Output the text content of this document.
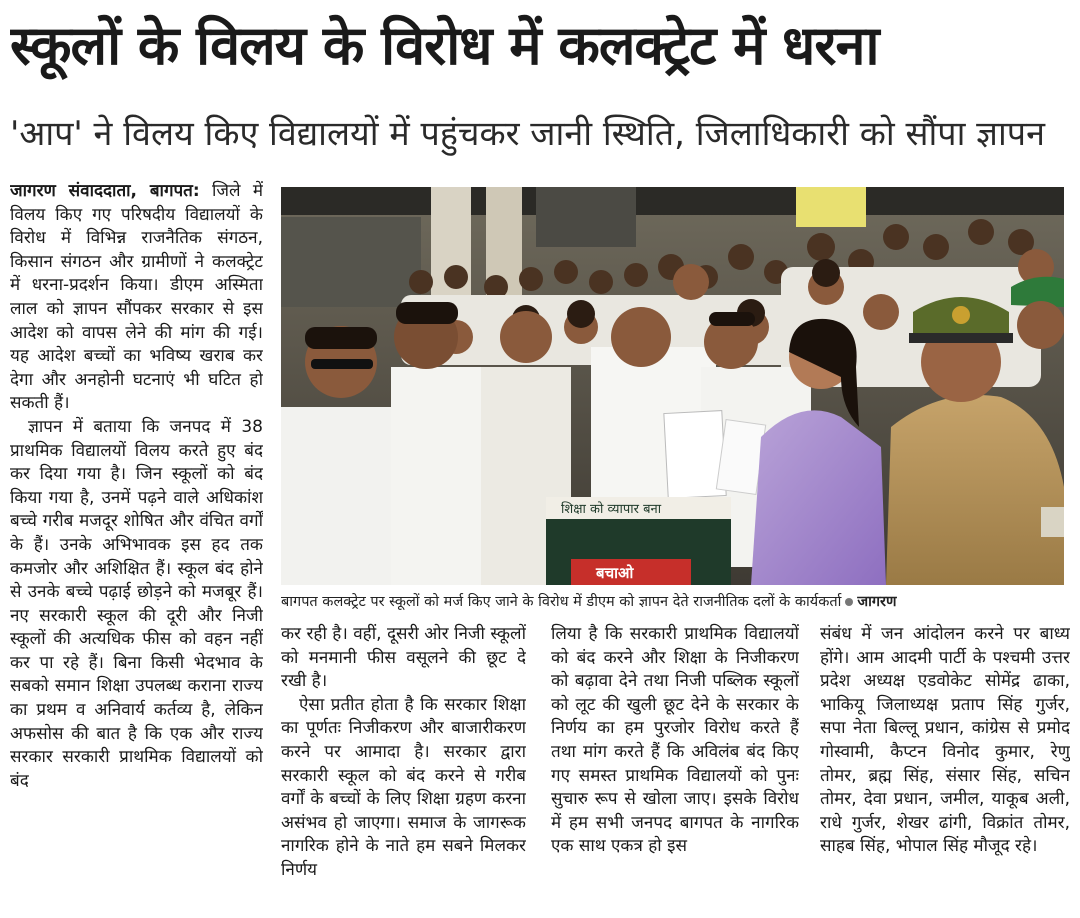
स्कूलों के विलय के विरोध में कलक्ट्रेट में धरना
'आप' ने विलय किए विद्यालयों में पहुंचकर जानी स्थिति, जिलाधिकारी को सौंपा ज्ञापन

जागरण संवाददाता, बागपत: जिले में विलय किए गए परिषदीय विद्यालयों के विरोध में विभिन्न राजनैतिक संगठन, किसान संगठन और ग्रामीणों ने कलक्ट्रेट में धरना-प्रदर्शन किया। डीएम अस्मिता लाल को ज्ञापन सौंपकर सरकार से इस आदेश को वापस लेने की मांग की गई। यह आदेश बच्चों का भविष्य खराब कर देगा और अनहोनी घटनाएं भी घटित हो सकती हैं।

ज्ञापन में बताया कि जनपद में 38 प्राथमिक विद्यालयों विलय करते हुए बंद कर दिया गया है। जिन स्कूलों को बंद किया गया है, उनमें पढ़ने वाले अधिकांश बच्चे गरीब मजदूर शोषित और वंचित वर्गों के हैं। उनके अभिभावक इस हद तक कमजोर और अशिक्षित हैं। स्कूल बंद होने से उनके बच्चे पढ़ाई छोड़ने को मजबूर हैं। नए सरकारी स्कूल की दूरी और निजी स्कूलों की अत्यधिक फीस को वहन नहीं कर पा रहे हैं। बिना किसी भेदभाव के सबको समान शिक्षा उपलब्ध कराना राज्य का प्रथम व अनिवार्य कर्तव्य है, लेकिन अफसोस की बात है कि एक और राज्य सरकार सरकारी प्राथमिक विद्यालयों को बंद

शिक्षा को व्यापार बना
बचाओ
बागपत कलक्ट्रेट पर स्कूलों को मर्ज किए जाने के विरोध में डीएम को ज्ञापन देते राजनीतिक दलों के कार्यकर्ता जागरण

कर रही है। वहीं, दूसरी ओर निजी स्कूलों को मनमानी फीस वसूलने की छूट दे रखी है।

ऐसा प्रतीत होता है कि सरकार शिक्षा का पूर्णतः निजीकरण और बाजारीकरण करने पर आमादा है। सरकार द्वारा सरकारी स्कूल को बंद करने से गरीब वर्गों के बच्चों के लिए शिक्षा ग्रहण करना असंभव हो जाएगा। समाज के जागरूक नागरिक होने के नाते हम सबने मिलकर निर्णय

लिया है कि सरकारी प्राथमिक विद्यालयों को बंद करने और शिक्षा के निजीकरण को बढ़ावा देने तथा निजी पब्लिक स्कूलों को लूट की खुली छूट देने के सरकार के निर्णय का हम पुरजोर विरोध करते हैं तथा मांग करते हैं कि अविलंब बंद किए गए समस्त प्राथमिक विद्यालयों को पुनः सुचारु रूप से खोला जाए। इसके विरोध में हम सभी जनपद बागपत के नागरिक एक साथ एकत्र हो इस

संबंध में जन आंदोलन करने पर बाध्य होंगे। आम आदमी पार्टी के पश्चमी उत्तर प्रदेश अध्यक्ष एडवोकेट सोमेंद्र ढाका, भाकियू जिलाध्यक्ष प्रताप सिंह गुर्जर, सपा नेता बिल्लू प्रधान, कांग्रेस से प्रमोद गोस्वामी, कैप्टन विनोद कुमार, रेणु तोमर, ब्रह्म सिंह, संसार सिंह, सचिन तोमर, देवा प्रधान, जमील, याकूब अली, राधे गुर्जर, शेखर ढांगी, विक्रांत तोमर, साहब सिंह, भोपाल सिंह मौजूद रहे।
